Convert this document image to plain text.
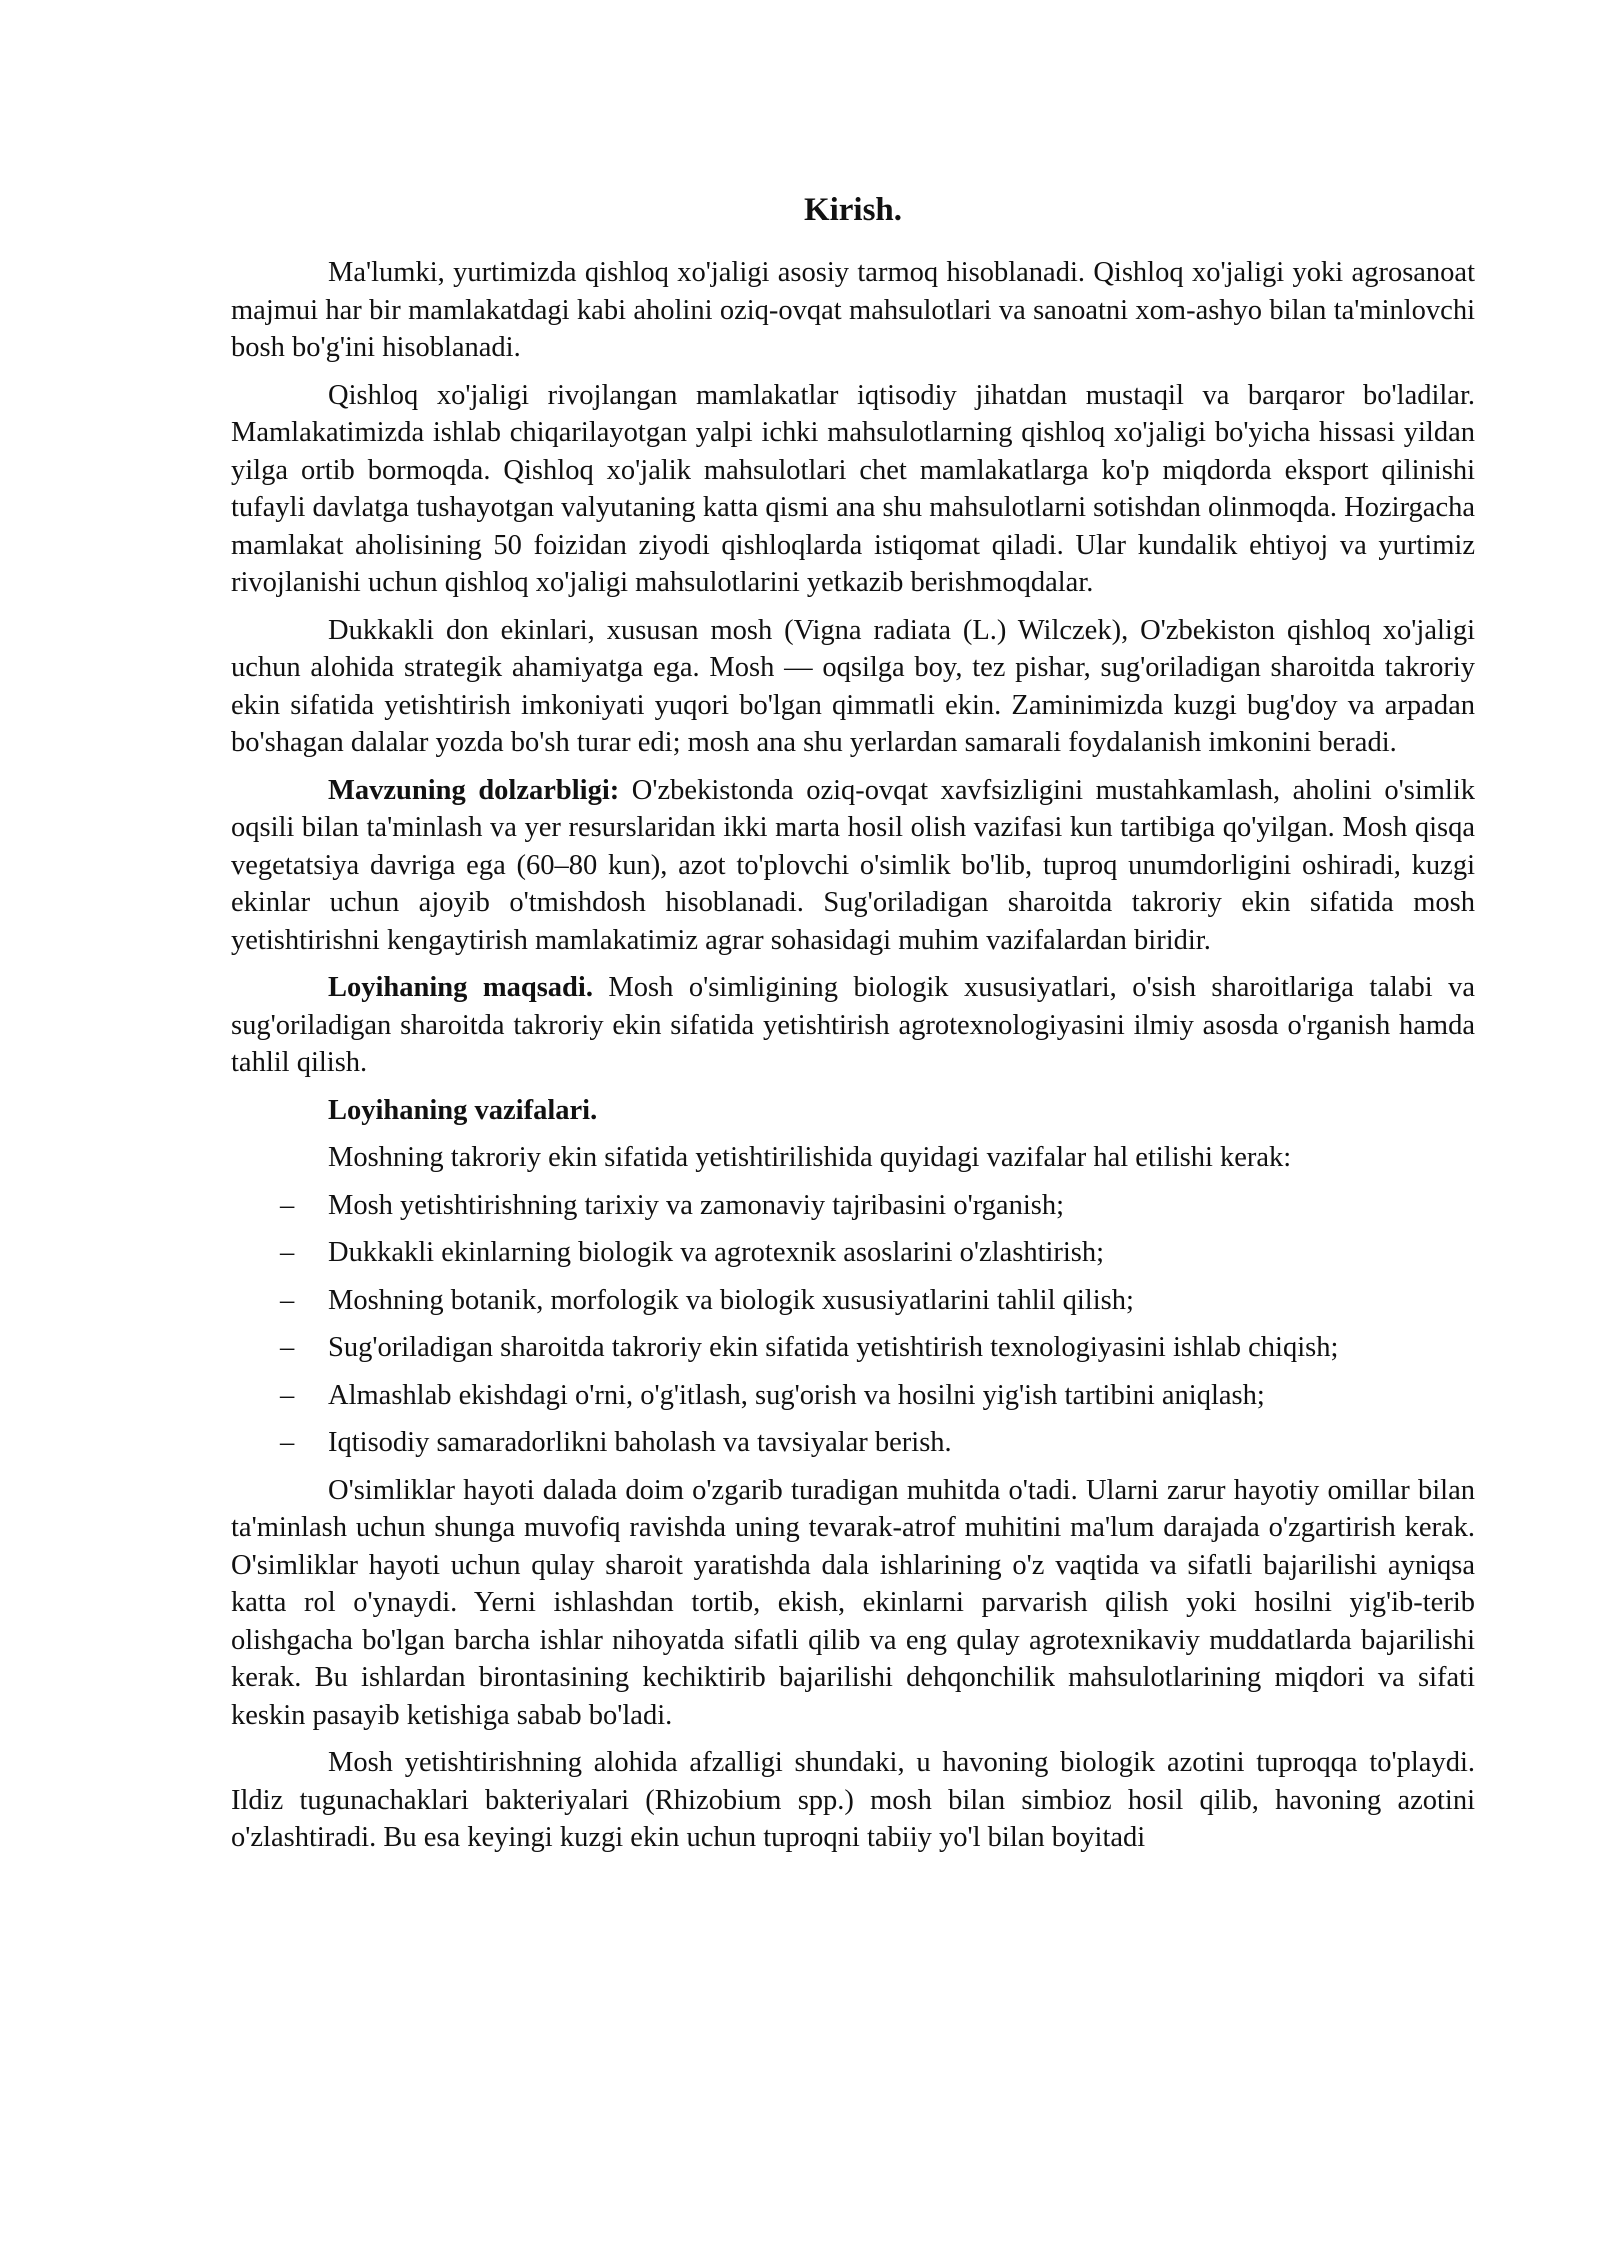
Kirish.

Ma'lumki, yurtimizda qishloq xo'jaligi asosiy tarmoq hisoblanadi. Qishloq xo'jaligi yoki agrosanoat majmui har bir mamlakatdagi kabi aholini oziq-ovqat mahsulotlari va sanoatni xom-ashyo bilan ta'minlovchi bosh bo'g'ini hisoblanadi.

Qishloq xo'jaligi rivojlangan mamlakatlar iqtisodiy jihatdan mustaqil va barqaror bo'ladilar. Mamlakatimizda ishlab chiqarilayotgan yalpi ichki mahsulotlarning qishloq xo'jaligi bo'yicha hissasi yildan yilga ortib bormoqda. Qishloq xo'jalik mahsulotlari chet mamlakatlarga ko'p miqdorda eksport qilinishi tufayli davlatga tushayotgan valyutaning katta qismi ana shu mahsulotlarni sotishdan olinmoqda. Hozirgacha mamlakat aholisining 50 foizidan ziyodi qishloqlarda istiqomat qiladi. Ular kundalik ehtiyoj va yurtimiz rivojlanishi uchun qishloq xo'jaligi mahsulotlarini yetkazib berishmoqdalar.

Dukkakli don ekinlari, xususan mosh (Vigna radiata (L.) Wilczek), O'zbekiston qishloq xo'jaligi uchun alohida strategik ahamiyatga ega. Mosh — oqsilga boy, tez pishar, sug'oriladigan sharoitda takroriy ekin sifatida yetishtirish imkoniyati yuqori bo'lgan qimmatli ekin. Zaminimizda kuzgi bug'doy va arpadan bo'shagan dalalar yozda bo'sh turar edi; mosh ana shu yerlardan samarali foydalanish imkonini beradi.

Mavzuning dolzarbligi: O'zbekistonda oziq-ovqat xavfsizligini mustahkamlash, aholini o'simlik oqsili bilan ta'minlash va yer resurslaridan ikki marta hosil olish vazifasi kun tartibiga qo'yilgan. Mosh qisqa vegetatsiya davriga ega (60–80 kun), azot to'plovchi o'simlik bo'lib, tuproq unumdorligini oshiradi, kuzgi ekinlar uchun ajoyib o'tmishdosh hisoblanadi. Sug'oriladigan sharoitda takroriy ekin sifatida mosh yetishtirishni kengaytirish mamlakatimiz agrar sohasidagi muhim vazifalardan biridir.

Loyihaning maqsadi. Mosh o'simligining biologik xususiyatlari, o'sish sharoitlariga talabi va sug'oriladigan sharoitda takroriy ekin sifatida yetishtirish agrotexnologiyasini ilmiy asosda o'rganish hamda tahlil qilish.

Loyihaning vazifalari.

Moshning takroriy ekin sifatida yetishtirilishida quyidagi vazifalar hal etilishi kerak:

– Mosh yetishtirishning tarixiy va zamonaviy tajribasini o'rganish;
– Dukkakli ekinlarning biologik va agrotexnik asoslarini o'zlashtirish;
– Moshning botanik, morfologik va biologik xususiyatlarini tahlil qilish;
– Sug'oriladigan sharoitda takroriy ekin sifatida yetishtirish texnologiyasini ishlab chiqish;
– Almashlab ekishdagi o'rni, o'g'itlash, sug'orish va hosilni yig'ish tartibini aniqlash;
– Iqtisodiy samaradorlikni baholash va tavsiyalar berish.

O'simliklar hayoti dalada doim o'zgarib turadigan muhitda o'tadi. Ularni zarur hayotiy omillar bilan ta'minlash uchun shunga muvofiq ravishda uning tevarak-atrof muhitini ma'lum darajada o'zgartirish kerak. O'simliklar hayoti uchun qulay sharoit yaratishda dala ishlarining o'z vaqtida va sifatli bajarilishi ayniqsa katta rol o'ynaydi. Yerni ishlashdan tortib, ekish, ekinlarni parvarish qilish yoki hosilni yig'ib-terib olishgacha bo'lgan barcha ishlar nihoyatda sifatli qilib va eng qulay agrotexnikaviy muddatlarda bajarilishi kerak. Bu ishlardan birontasining kechiktirib bajarilishi dehqonchilik mahsulotlarining miqdori va sifati keskin pasayib ketishiga sabab bo'ladi.

Mosh yetishtirishning alohida afzalligi shundaki, u havoning biologik azotini tuproqqa to'playdi. Ildiz tugunachaklari bakteriyalari (Rhizobium spp.) mosh bilan simbioz hosil qilib, havoning azotini o'zlashtiradi. Bu esa keyingi kuzgi ekin uchun tuproqni tabiiy yo'l bilan boyitadi
